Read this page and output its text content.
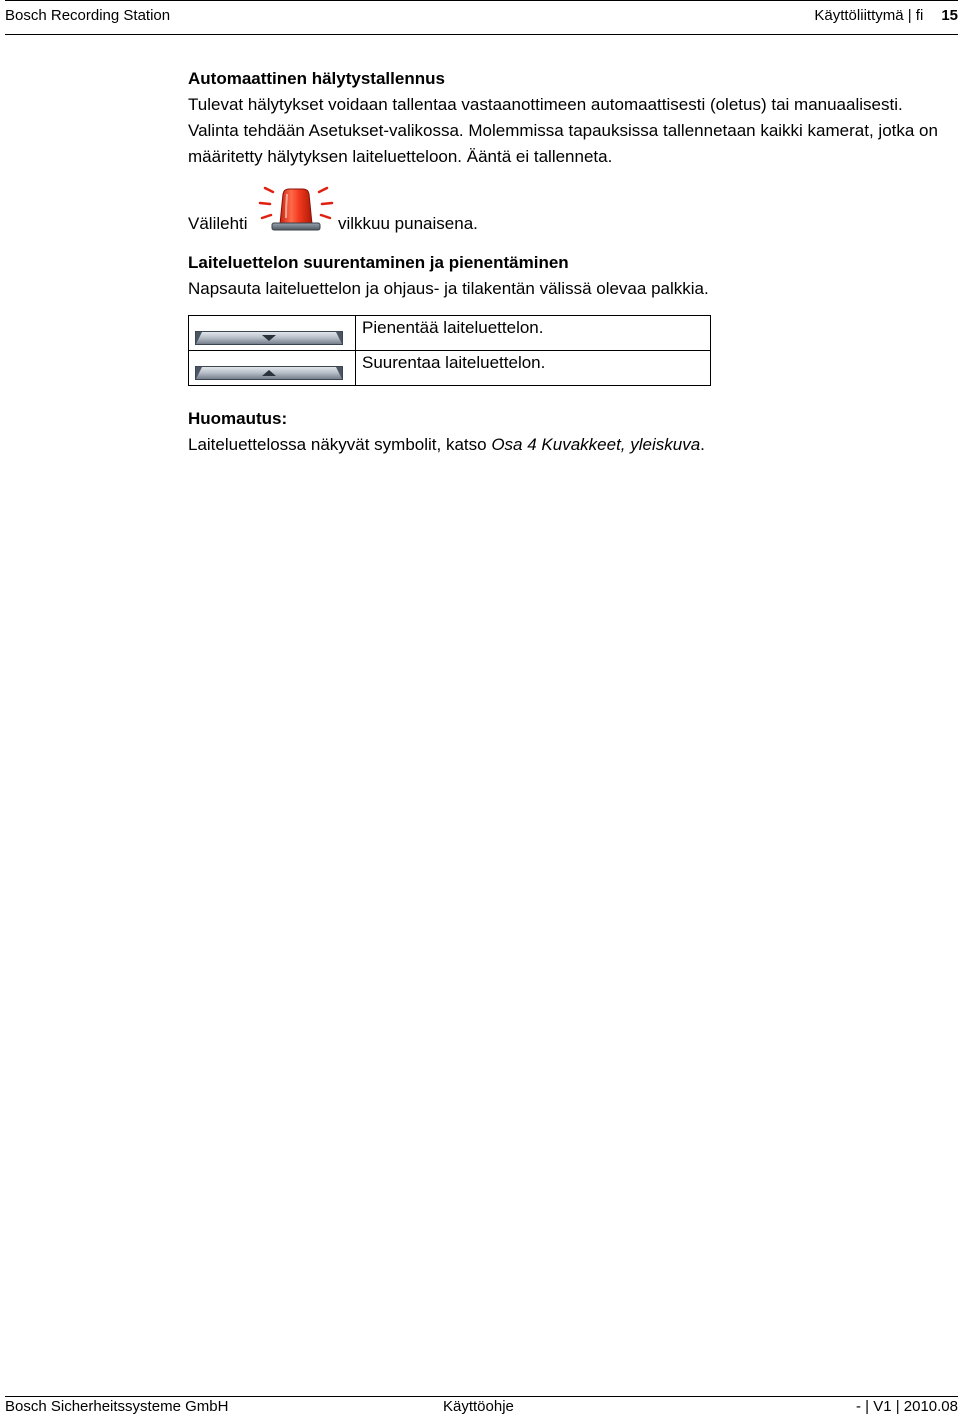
Bosch Recording Station	Käyttöliittymä | fi 15
Automaattinen hälytystallennus

Tulevat hälytykset voidaan tallentaa vastaanottimeen automaattisesti (oletus) tai manuaalisesti. Valinta tehdään Asetukset-valikossa. Molemmissa tapauksissa tallennetaan kaikki kamerat, jotka on määritetty hälytyksen laiteluetteloon. Ääntä ei tallenneta.

Välilehti	vilkkuu punaisena.
Laiteluettelon suurentaminen ja pienentäminen

Napsauta laiteluettelon ja ohjaus- ja tilakentän välissä olevaa palkkia.

	Pienentää laiteluettelon.

	Suurentaa laiteluettelon.
Huomautus:

Laiteluettelossa näkyvät symbolit, katso Osa 4 Kuvakkeet, yleiskuva.

Bosch Sicherheitssysteme GmbH	Käyttöohje	- | V1 | 2010.08
